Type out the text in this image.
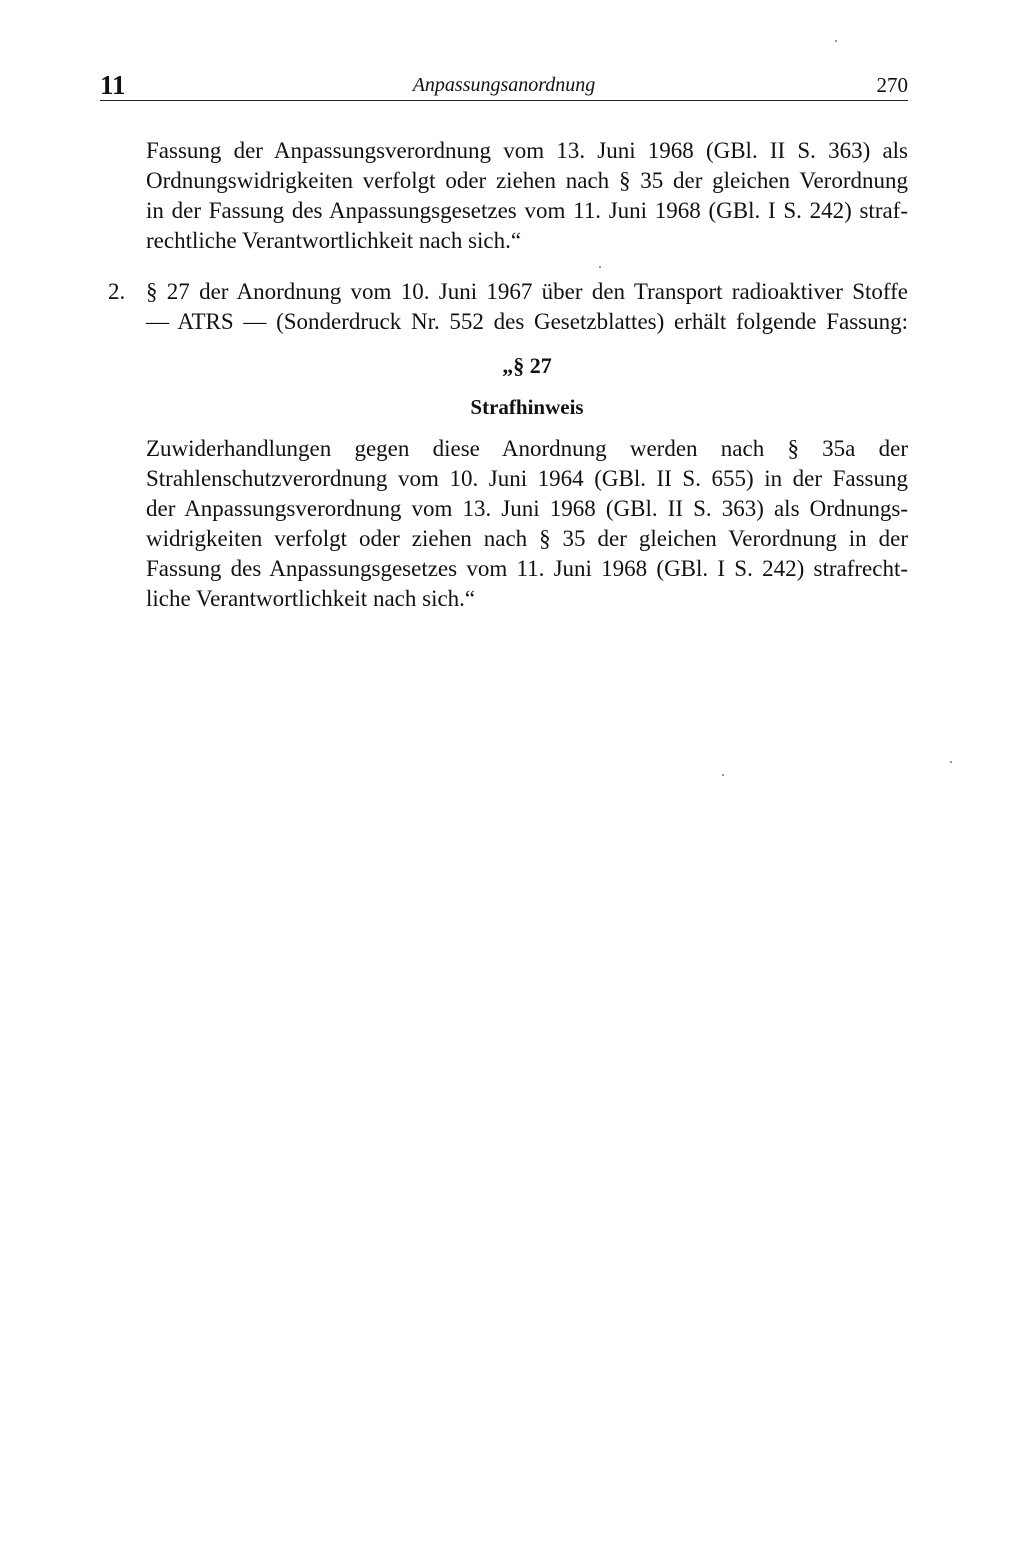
11	Anpassungsanordnung	270
Fassung der Anpassungsverordnung vom 13. Juni 1968 (GBl. II S. 363) als
Ordnungswidrigkeiten verfolgt oder ziehen nach § 35 der gleichen Verordnung
in der Fassung des Anpassungsgesetzes vom 11. Juni 1968 (GBl. I S. 242) straf-
rechtliche Verantwortlichkeit nach sich.“
2. § 27 der Anordnung vom 10. Juni 1967 über den Transport radioaktiver Stoffe
— ATRS — (Sonderdruck Nr. 552 des Gesetzblattes) erhält folgende Fassung:
„§ 27
Strafhinweis
Zuwiderhandlungen gegen diese Anordnung werden nach § 35a der
Strahlenschutzverordnung vom 10. Juni 1964 (GBl. II S. 655) in der Fassung
der Anpassungsverordnung vom 13. Juni 1968 (GBl. II S. 363) als Ordnungs-
widrigkeiten verfolgt oder ziehen nach § 35 der gleichen Verordnung in der
Fassung des Anpassungsgesetzes vom 11. Juni 1968 (GBl. I S. 242) strafrecht-
liche Verantwortlichkeit nach sich.“
